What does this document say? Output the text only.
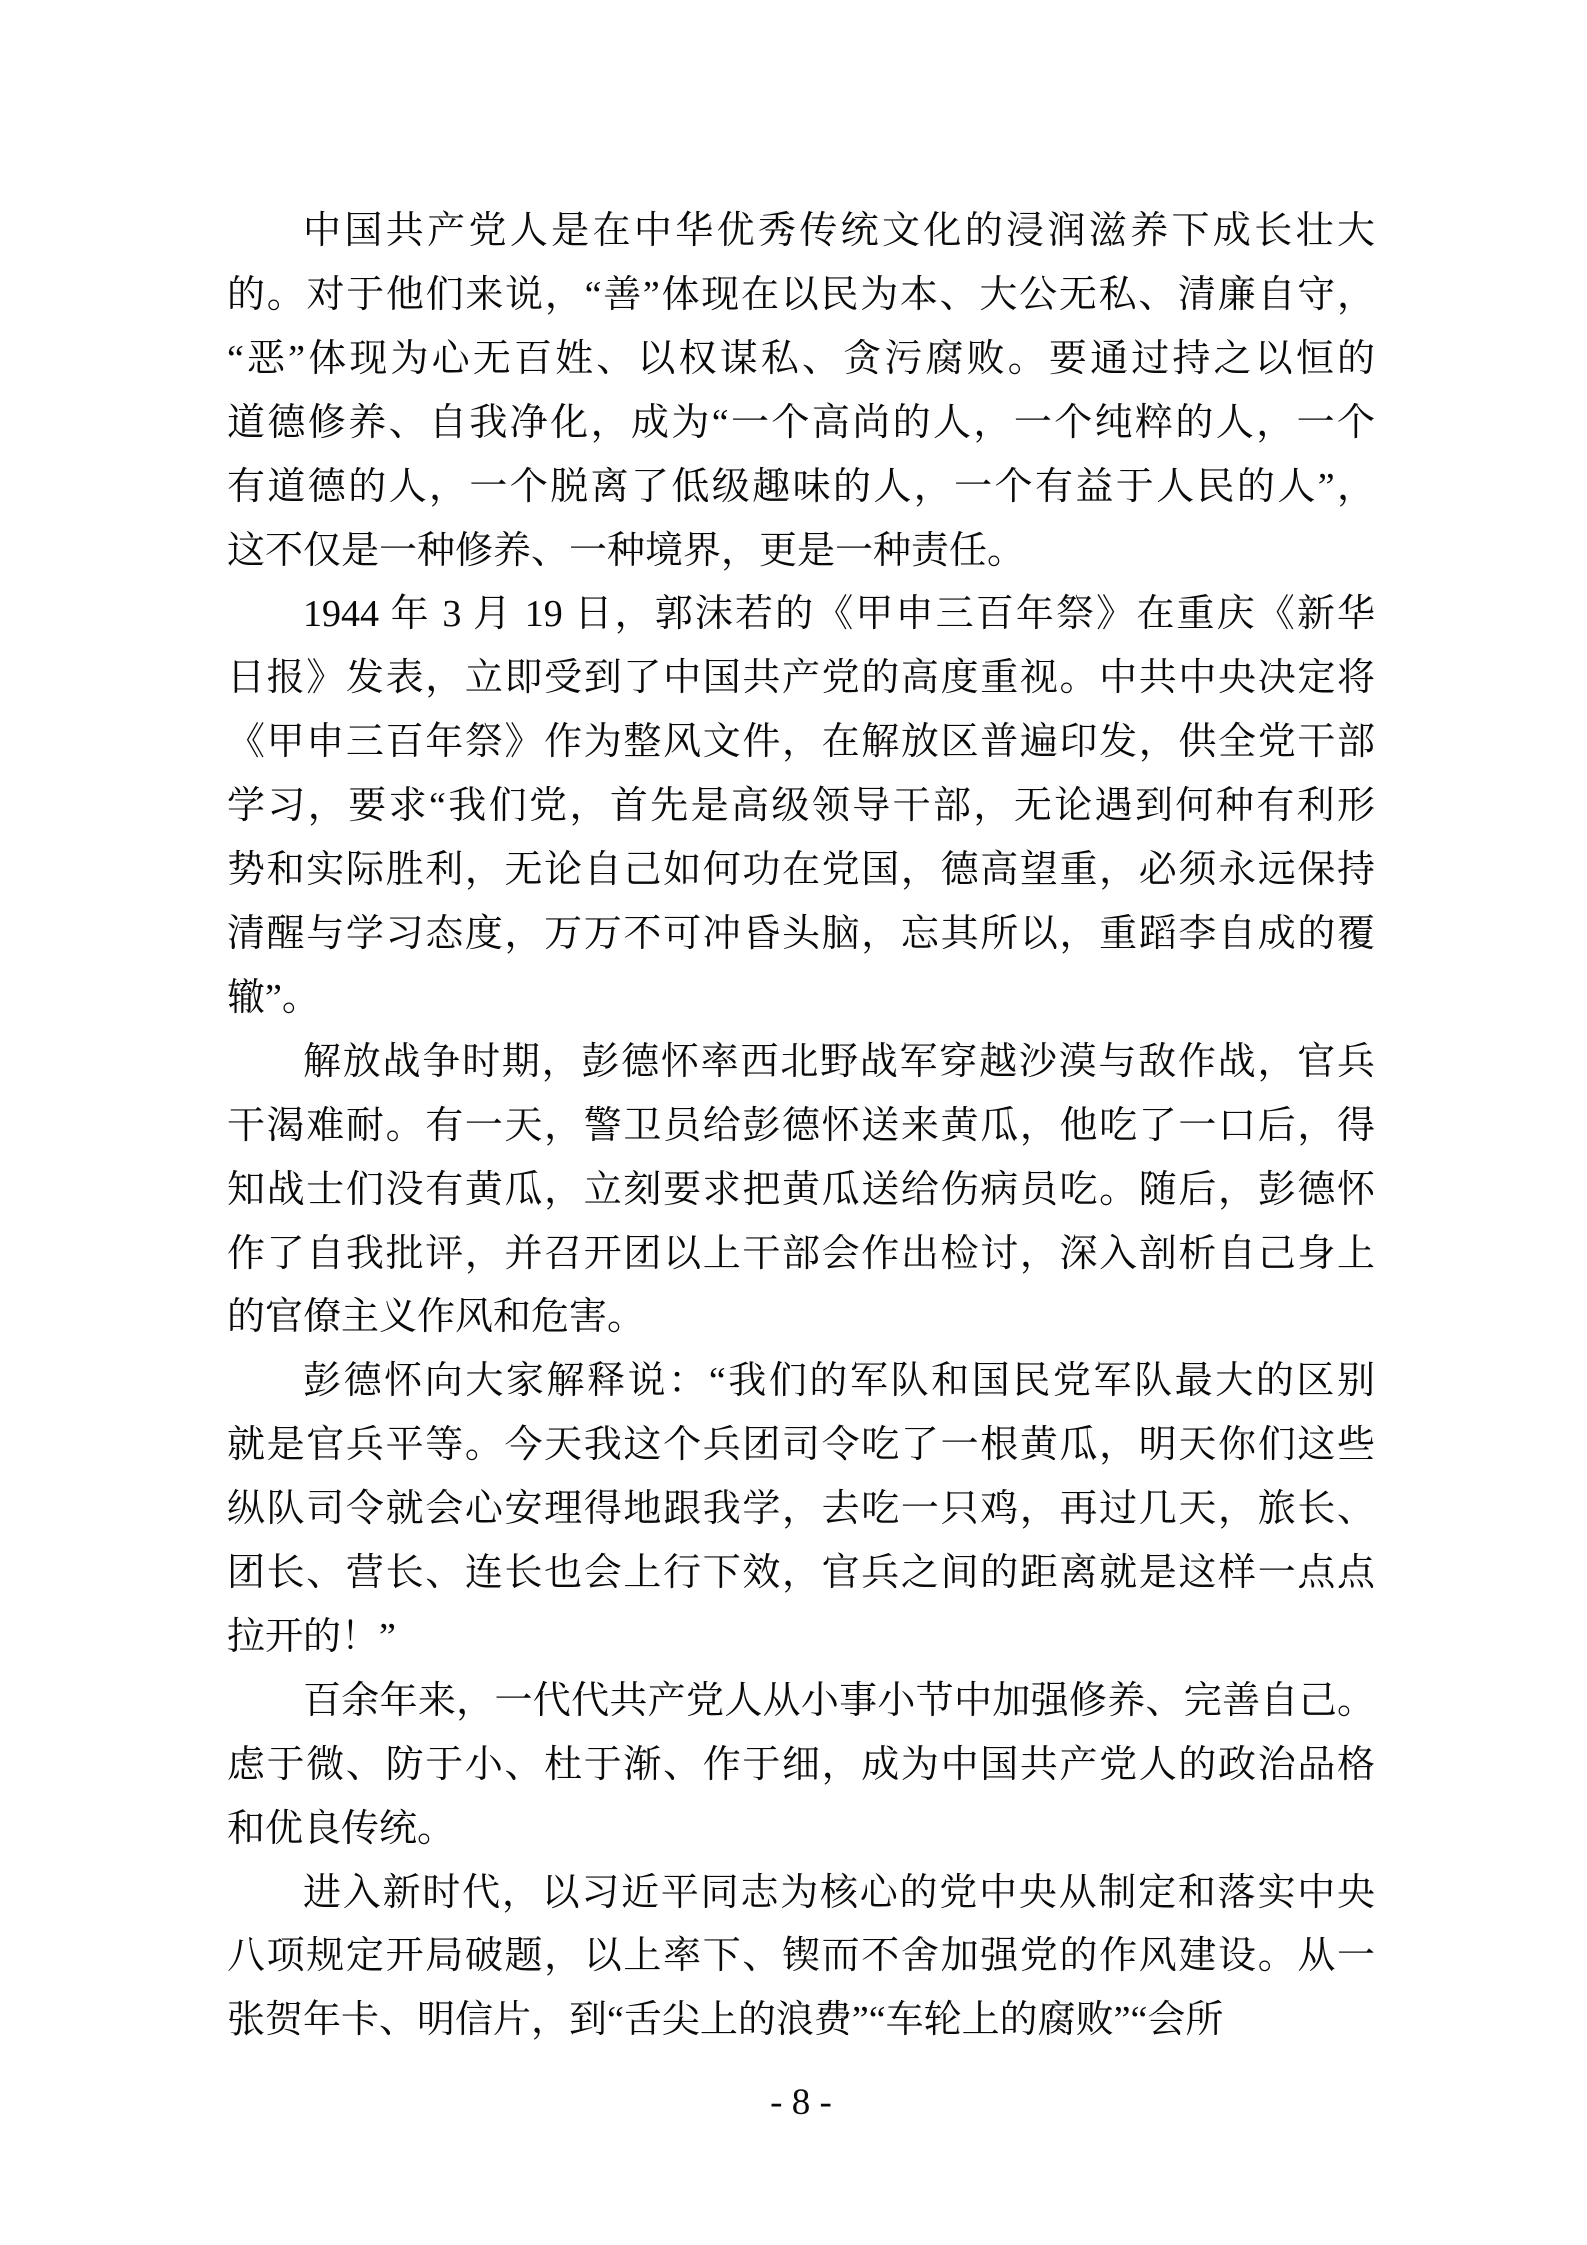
中国共产党人是在中华优秀传统文化的浸润滋养下成长壮大
的。对于他们来说，“善”体现在以民为本、大公无私、清廉自守，
“恶”体现为心无百姓、以权谋私、贪污腐败。要通过持之以恒的
道德修养、自我净化，成为“一个高尚的人，一个纯粹的人，一个
有道德的人，一个脱离了低级趣味的人，一个有益于人民的人”，
这不仅是一种修养、一种境界，更是一种责任。
1944 年 3 月 19 日，郭沫若的《甲申三百年祭》在重庆《新华
日报》发表，立即受到了中国共产党的高度重视。中共中央决定将
《甲申三百年祭》作为整风文件，在解放区普遍印发，供全党干部
学习，要求“我们党，首先是高级领导干部，无论遇到何种有利形
势和实际胜利，无论自己如何功在党国，德高望重，必须永远保持
清醒与学习态度，万万不可冲昏头脑，忘其所以，重蹈李自成的覆
辙”。
解放战争时期，彭德怀率西北野战军穿越沙漠与敌作战，官兵
干渴难耐。有一天，警卫员给彭德怀送来黄瓜，他吃了一口后，得
知战士们没有黄瓜，立刻要求把黄瓜送给伤病员吃。随后，彭德怀
作了自我批评，并召开团以上干部会作出检讨，深入剖析自己身上
的官僚主义作风和危害。
彭德怀向大家解释说：“我们的军队和国民党军队最大的区别
就是官兵平等。今天我这个兵团司令吃了一根黄瓜，明天你们这些
纵队司令就会心安理得地跟我学，去吃一只鸡，再过几天，旅长、
团长、营长、连长也会上行下效，官兵之间的距离就是这样一点点
拉开的！”
百余年来，一代代共产党人从小事小节中加强修养、完善自己。
虑于微、防于小、杜于渐、作于细，成为中国共产党人的政治品格
和优良传统。
进入新时代，以习近平同志为核心的党中央从制定和落实中央
八项规定开局破题，以上率下、锲而不舍加强党的作风建设。从一
张贺年卡、明信片，到“舌尖上的浪费”“车轮上的腐败”“会所
- 8 -
